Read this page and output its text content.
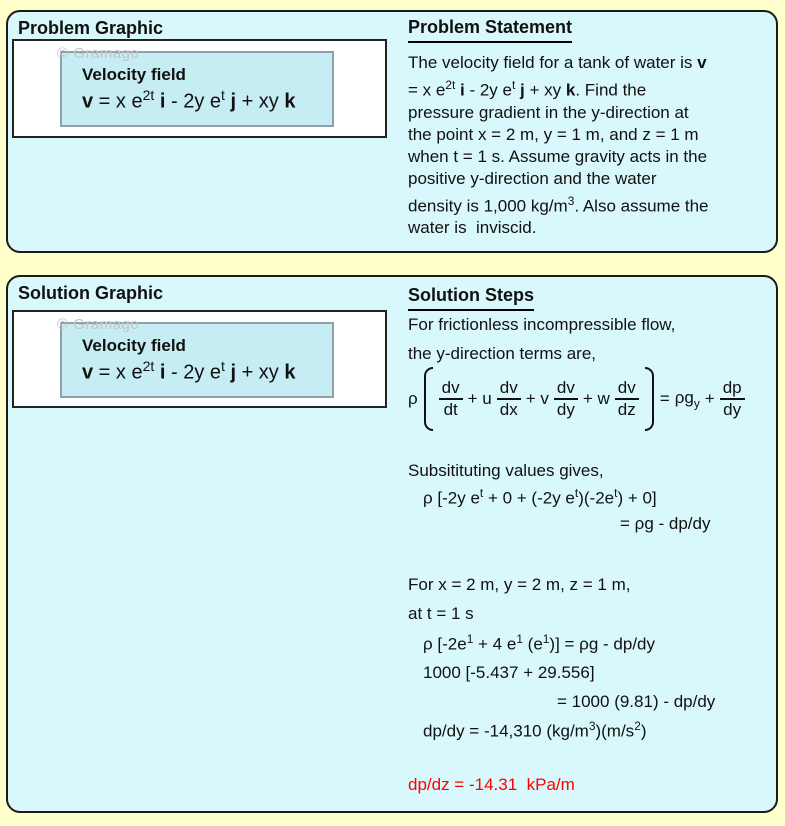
Problem Graphic
© Gramago
Velocity field
v = x $e^{2t}$ i - 2y $e^t$ j + xy k
Problem Statement
The velocity field for a tank of water is v
= x $e^{2t}$ i - 2y $e^t$ j + xy k. Find the
pressure gradient in the y-direction at
the point x = 2 m, y = 1 m, and z = 1 m
when t = 1 s. Assume gravity acts in the
positive y-direction and the water
density is 1,000 $kg/m^3$. Also assume the
water is  inviscid.
Solution Graphic
© Gramago
Velocity field
v = x $e^{2t}$ i - 2y $e^t$ j + xy k
Solution Steps
For frictionless incompressible flow,
the y-direction terms are,
ρ $\frac{dv}{dt} + u \frac{dv}{dx} + v \frac{dv}{dy} + w \frac{dv}{dz} = \rho g_y + \frac{dp}{dy}$
Subsitituting values gives,
ρ [-2y $e^t + 0 + (-2y$ $e^t)(-2e^t) + 0$]
= ρg - dp/dy
For x = 2 m, y = 2 m, z = 1 m,
at t = 1 s
ρ [$-2e^1 + 4$ $e^1$ $(e^1)] = \rho g - dp/dy$
1000 [-5.437 + 29.556]
= 1000 (9.81) - dp/dy
dp/dy = -14,310 $(kg/m^3)(m/s^2)$
dp/dz = -14.31  kPa/m
